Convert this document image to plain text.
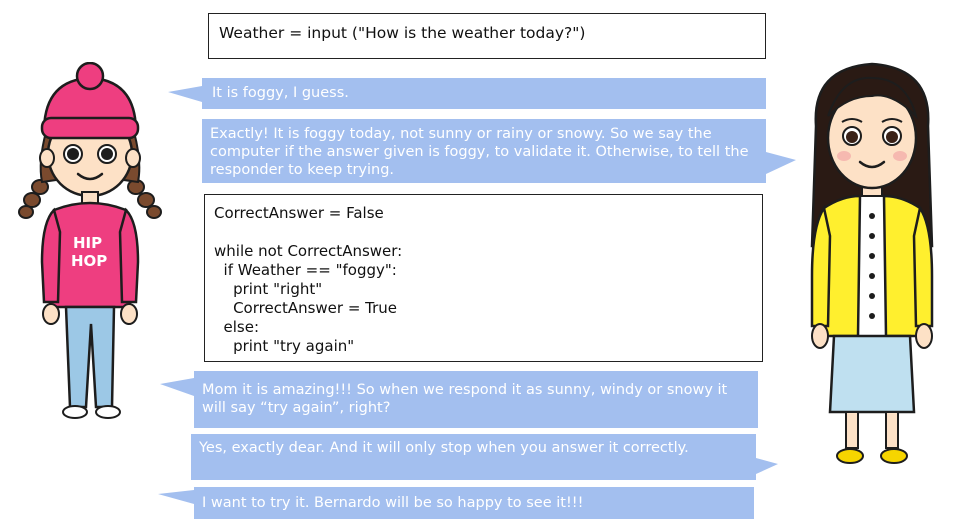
Weather = input ("How is the weather today?")
It is foggy, I guess.
Exactly! It is foggy today, not sunny or rainy or snowy. So we say the computer if the answer given is foggy, to validate it. Otherwise, to tell the responder to keep trying.
CorrectAnswer = False
while not CorrectAnswer:
if Weather == "foggy":
print "right"
CorrectAnswer = True
else:
print "try again"
Mom it is amazing!!! So when we respond it as sunny, windy or snowy it will say “try again”, right?
Yes, exactly dear. And it will only stop when you answer it correctly.
I want to try it. Bernardo will be so happy to see it!!!
HIP
HOP
